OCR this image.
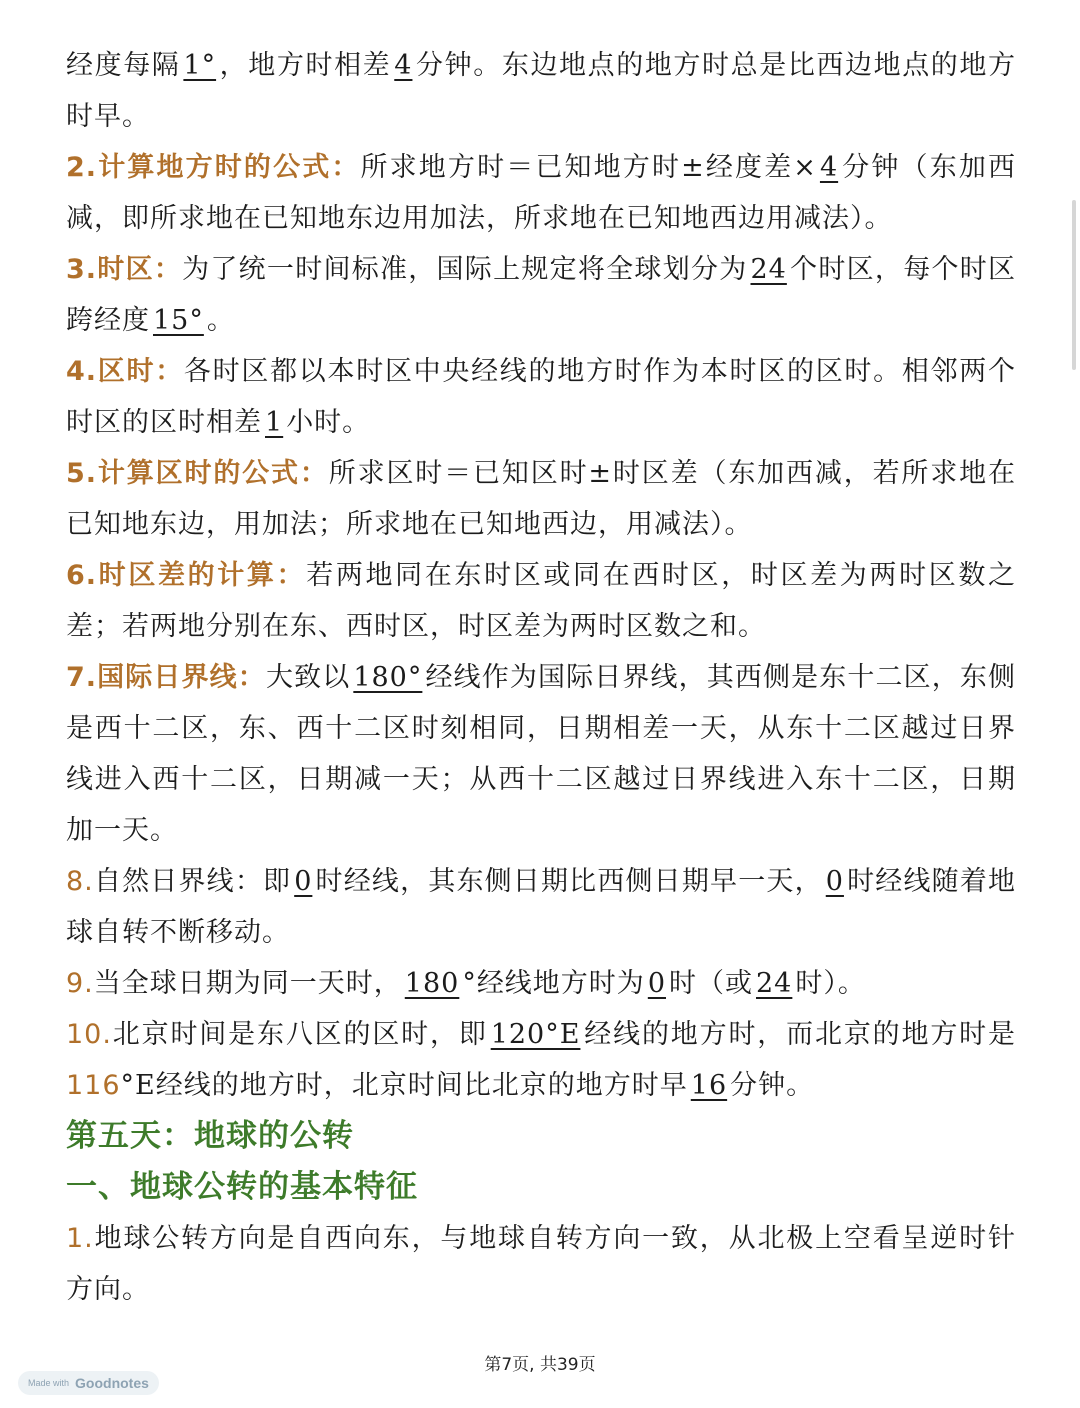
经度每隔 1° ，地方时相差 4 分钟。东边地点的地方时总是比西边地点的地方时早。

2.计算地方时的公式：所求地方时＝已知地方时±经度差× 4 分钟（东加西减，即所求地在已知地东边用加法，所求地在已知地西边用减法）。

3.时区：为了统一时间标准，国际上规定将全球划分为 24 个时区，每个时区跨经度 15° 。

4.区时：各时区都以本时区中央经线的地方时作为本时区的区时。相邻两个时区的区时相差 1 小时。

5.计算区时的公式：所求区时＝已知区时±时区差（东加西减，若所求地在已知地东边，用加法；所求地在已知地西边，用减法）。

6.时区差的计算：若两地同在东时区或同在西时区，时区差为两时区数之差；若两地分别在东、西时区，时区差为两时区数之和。

7.国际日界线：大致以 180° 经线作为国际日界线，其西侧是东十二区，东侧是西十二区，东、西十二区时刻相同，日期相差一天，从东十二区越过日界线进入西十二区，日期减一天；从西十二区越过日界线进入东十二区，日期加一天。

8.自然日界线：即 0 时经线，其东侧日期比西侧日期早一天， 0 时经线随着地球自转不断移动。

9.当全球日期为同一天时， 180 °经线地方时为 0 时（或 24 时）。

10.北京时间是东八区的区时，即 120°E 经线的地方时，而北京的地方时是116°E经线的地方时，北京时间比北京的地方时早 16 分钟。

第五天：地球的公转

一、地球公转的基本特征

1.地球公转方向是自西向东，与地球自转方向一致，从北极上空看呈逆时针方向。

第7页, 共39页
Made with Goodnotes
